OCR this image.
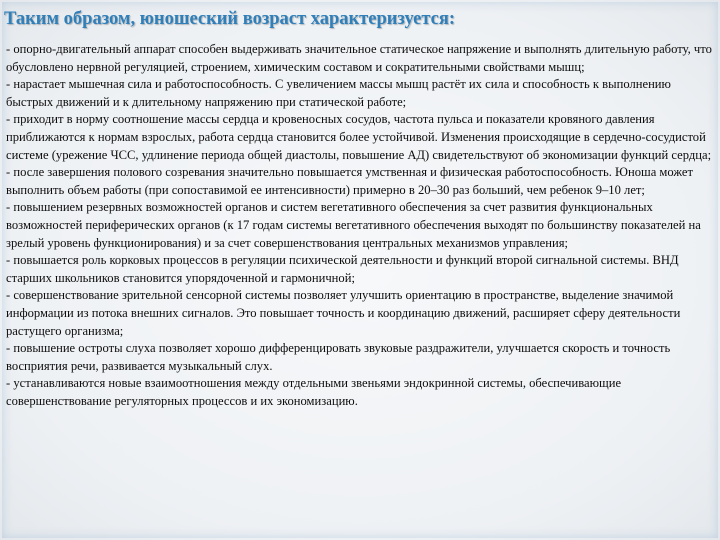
Таким образом, юношеский возраст характеризуется:

- опорно-двигательный аппарат способен выдерживать значительное статическое напряжение и выполнять длительную работу, что обусловлено нервной регуляцией, строением, химическим составом и сократительными свойствами мышц;

- нарастает мышечная сила и работоспособность. С увеличением массы мышц растёт их сила и способность к выполнению быстрых движений и к длительному напряжению при статической работе;

- приходит в норму соотношение массы сердца и кровеносных сосудов, частота пульса и показатели кровяного давления приближаются к нормам взрослых, работа сердца становится более устойчивой. Изменения происходящие в сердечно-сосудистой системе (урежение ЧСС, удлинение периода общей диастолы, повышение АД) свидетельствуют об экономизации функций сердца;

- после завершения полового созревания значительно повышается умственная и физическая работоспособность. Юноша может выполнить объем работы (при сопоставимой ее интенсивности) примерно в 20–30 раз больший, чем ребенок 9–10 лет;

- повышением резервных возможностей органов и систем вегетативного обеспечения за счет развития функциональных возможностей периферических органов (к 17 годам системы вегетативного обеспечения выходят по большинству показателей на зрелый уровень функционирования) и за счет совершенствования центральных механизмов управления;

- повышается роль корковых процессов в регуляции психической деятельности и функций второй сигнальной системы. ВНД старших школьников становится упорядоченной и гармоничной;

- совершенствование зрительной сенсорной системы позволяет улучшить ориентацию в пространстве, выделение значимой информации из потока внешних сигналов. Это повышает точность и координацию движений, расширяет сферу деятельности растущего организма;

- повышение остроты слуха позволяет хорошо дифференцировать звуковые раздражители, улучшается скорость и точность восприятия речи, развивается музыкальный слух.

- устанавливаются новые взаимоотношения между отдельными звеньями эндокринной системы, обеспечивающие совершенствование регуляторных процессов и их экономизацию.
